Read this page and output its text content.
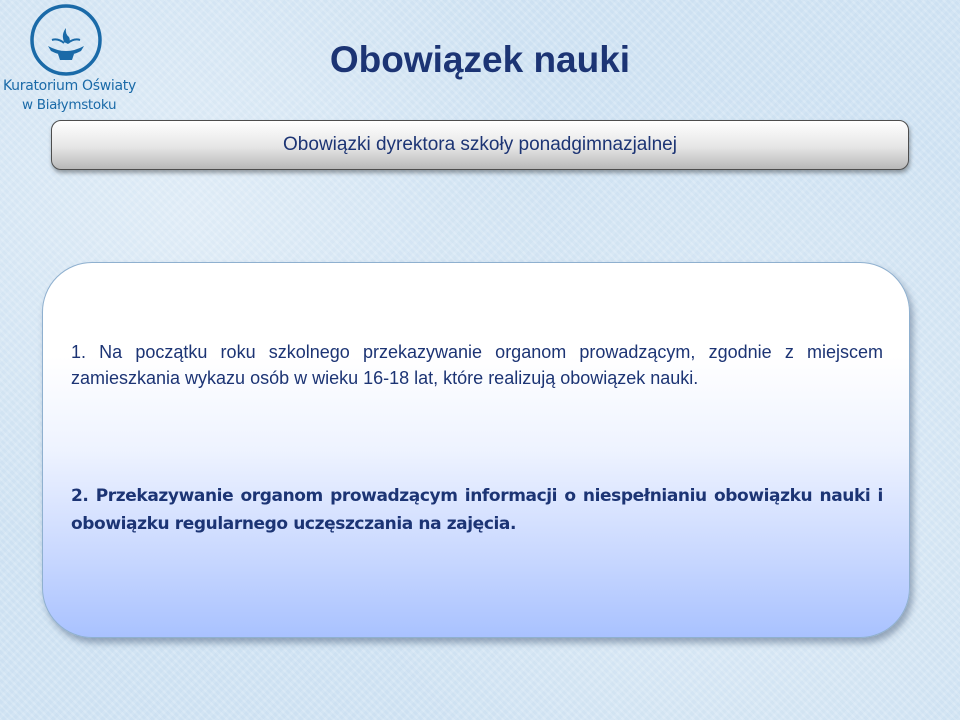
Kuratorium Oświaty
w Białymstoku
Obowiązek nauki
Obowiązki dyrektora szkoły ponadgimnazjalnej

1. Na początku roku szkolnego przekazywanie organom prowadzącym, zgodnie z miejscem zamieszkania wykazu osób w wieku 16-18 lat, które realizują obowiązek nauki.

2. Przekazywanie organom prowadzącym informacji o niespełnianiu obowiązku nauki i obowiązku regularnego uczęszczania na zajęcia.
